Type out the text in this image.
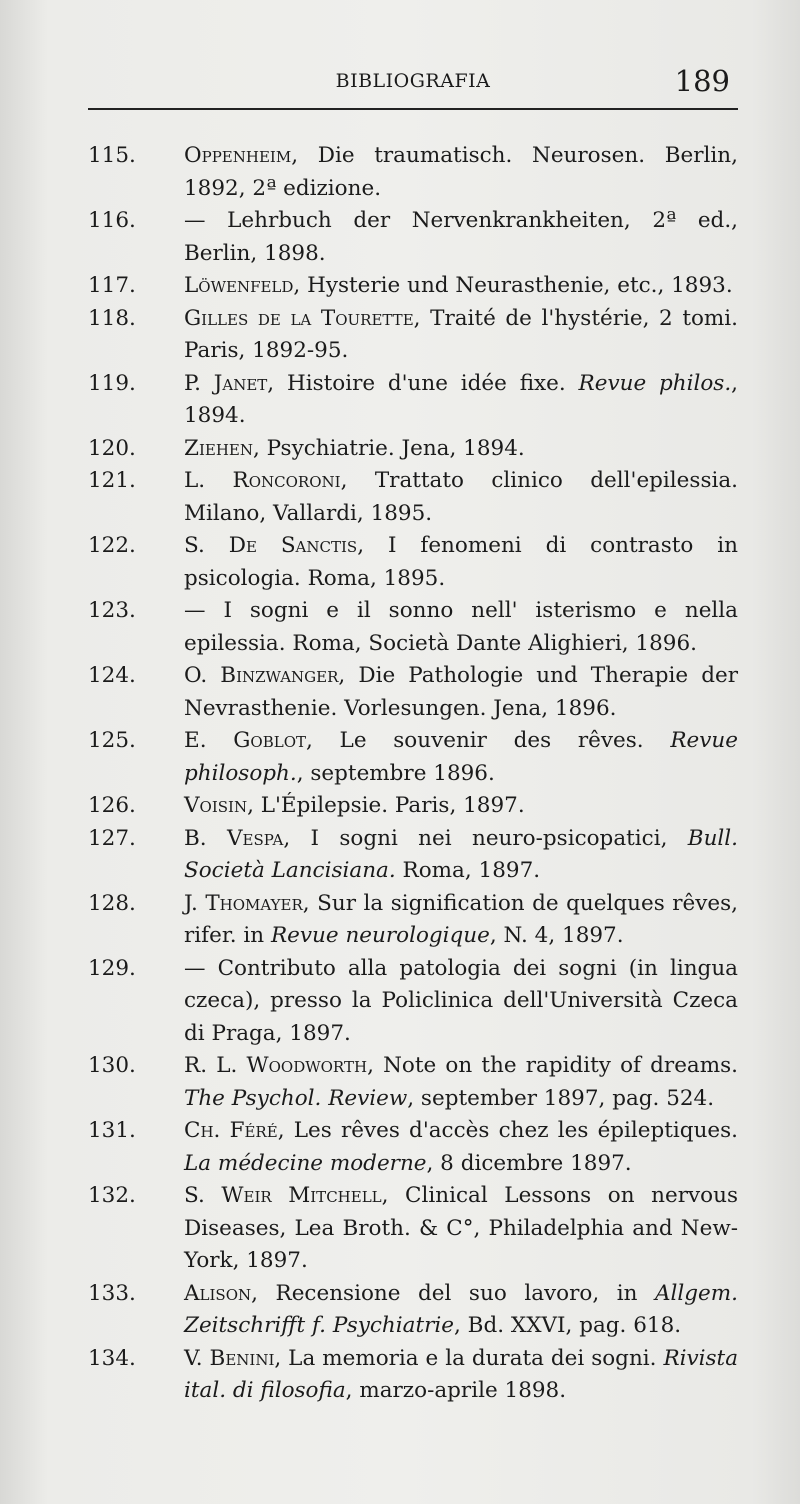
BIBLIOGRAFIA	189
115. Oppenheim, Die traumatisch. Neurosen. Berlin, 1892, 2ª edizione.
116. — Lehrbuch der Nervenkrankheiten, 2ª ed., Berlin, 1898.
117. Löwenfeld, Hysterie und Neurasthenie, etc., 1893.
118. Gilles de la Tourette, Traité de l'hystérie, 2 tomi. Paris, 1892-95.
119. P. Janet, Histoire d'une idée fixe. Revue philos., 1894.
120. Ziehen, Psychiatrie. Jena, 1894.
121. L. Roncoroni, Trattato clinico dell'epilessia. Milano, Vallardi, 1895.
122. S. De Sanctis, I fenomeni di contrasto in psicologia. Roma, 1895.
123. — I sogni e il sonno nell' isterismo e nella epilessia. Roma, Società Dante Alighieri, 1896.
124. O. Binzwanger, Die Pathologie und Therapie der Nevrasthenie. Vorlesungen. Jena, 1896.
125. E. Goblot, Le souvenir des rêves. Revue philosoph., septembre 1896.
126. Voisin, L'Épilepsie. Paris, 1897.
127. B. Vespa, I sogni nei neuro-psicopatici, Bull. Società Lancisiana. Roma, 1897.
128. J. Thomayer, Sur la signification de quelques rêves, rifer. in Revue neurologique, N. 4, 1897.
129. — Contributo alla patologia dei sogni (in lingua czeca), presso la Policlinica dell'Università Czeca di Praga, 1897.
130. R. L. Woodworth, Note on the rapidity of dreams. The Psychol. Review, september 1897, pag. 524.
131. Ch. Féré, Les rêves d'accès chez les épileptiques. La médecine moderne, 8 dicembre 1897.
132. S. Weir Mitchell, Clinical Lessons on nervous Diseases, Lea Broth. & C°, Philadelphia and New-York, 1897.
133. Alison, Recensione del suo lavoro, in Allgem. Zeitschrifft f. Psychiatrie, Bd. XXVI, pag. 618.
134. V. Benini, La memoria e la durata dei sogni. Rivista ital. di filosofia, marzo-aprile 1898.
